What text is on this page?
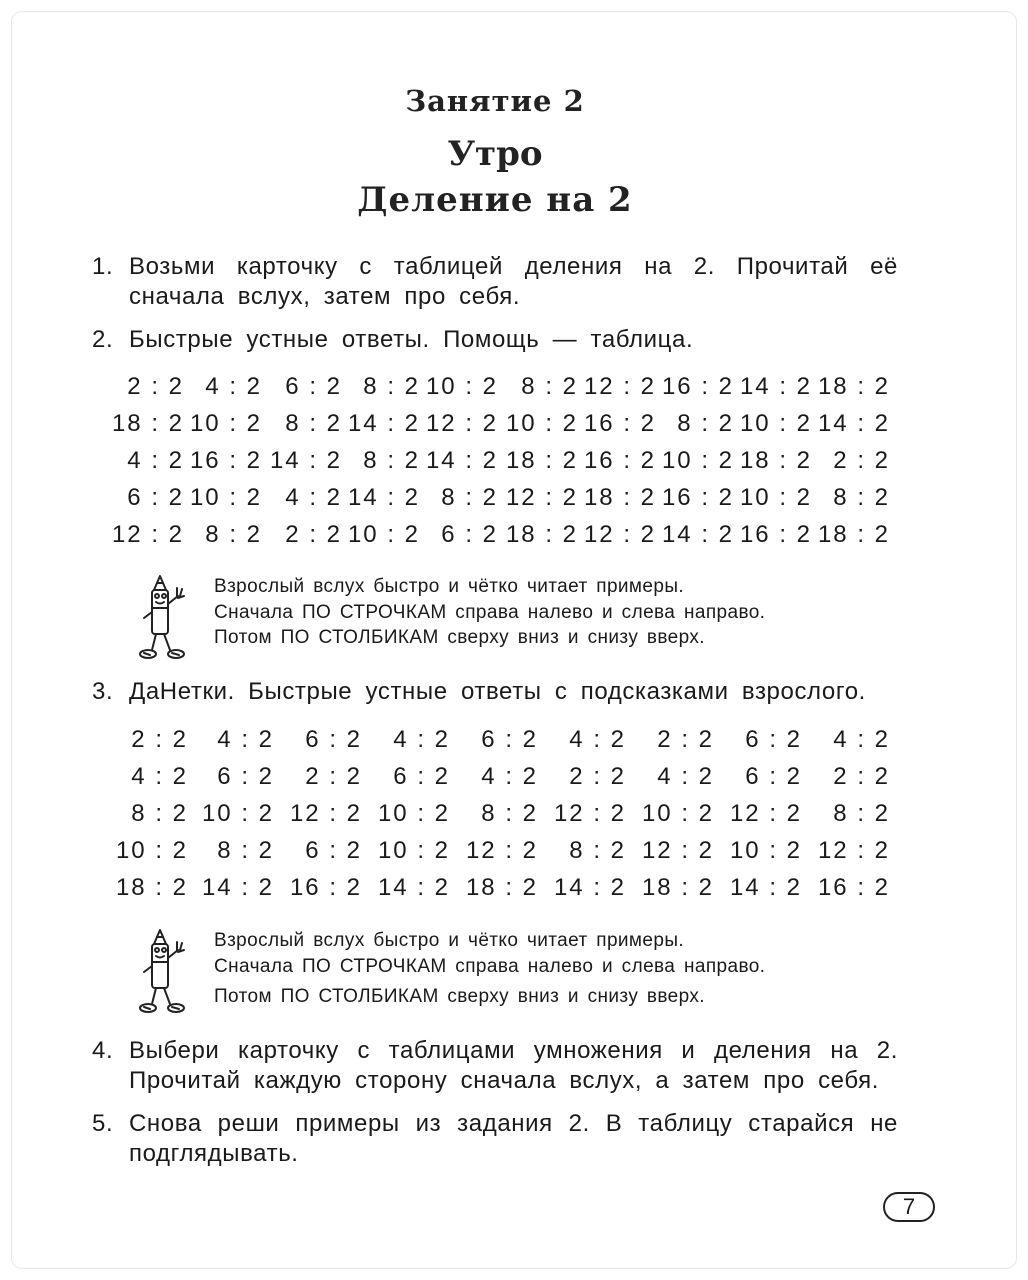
Занятие 2
Утро
Деление на 2
1. Возьми карточку с таблицей деления на 2. Прочитай её сначала вслух, затем про себя.
2. Быстрые устные ответы. Помощь — таблица.
2 : 2 4 : 2 6 : 2 8 : 2 10 : 2 8 : 2 12 : 2 16 : 2 14 : 2 18 : 2
18 : 2 10 : 2 8 : 2 14 : 2 12 : 2 10 : 2 16 : 2 8 : 2 10 : 2 14 : 2
4 : 2 16 : 2 14 : 2 8 : 2 14 : 2 18 : 2 16 : 2 10 : 2 18 : 2 2 : 2
6 : 2 10 : 2 4 : 2 14 : 2 8 : 2 12 : 2 18 : 2 16 : 2 10 : 2 8 : 2
12 : 2 8 : 2 2 : 2 10 : 2 6 : 2 18 : 2 12 : 2 14 : 2 16 : 2 18 : 2
Взрослый вслух быстро и чётко читает примеры.
Сначала ПО СТРОЧКАМ справа налево и слева направо.
Потом ПО СТОЛБИКАМ сверху вниз и снизу вверх.
3. ДаНетки. Быстрые устные ответы с подсказками взрослого.
2 : 2	4 : 2	6 : 2	4 : 2	6 : 2	4 : 2	2 : 2	6 : 2	4 : 2
4 : 2	6 : 2	2 : 2	6 : 2	4 : 2	2 : 2	4 : 2	6 : 2	2 : 2
8 : 2 10 : 2 12 : 2 10 : 2	8 : 2 12 : 2 10 : 2 12 : 2	8 : 2
10 : 2	8 : 2	6 : 2 10 : 2 12 : 2	8 : 2 12 : 2 10 : 2 12 : 2
18 : 2 14 : 2 16 : 2 14 : 2 18 : 2 14 : 2 18 : 2 14 : 2 16 : 2
Взрослый вслух быстро и чётко читает примеры.
Сначала ПО СТРОЧКАМ справа налево и слева направо.
Потом ПО СТОЛБИКАМ сверху вниз и снизу вверх.
4. Выбери карточку с таблицами умножения и деления на 2. Прочитай каждую сторону сначала вслух, а затем про себя.
5. Снова реши примеры из задания 2. В таблицу старайся не подглядывать.
7
